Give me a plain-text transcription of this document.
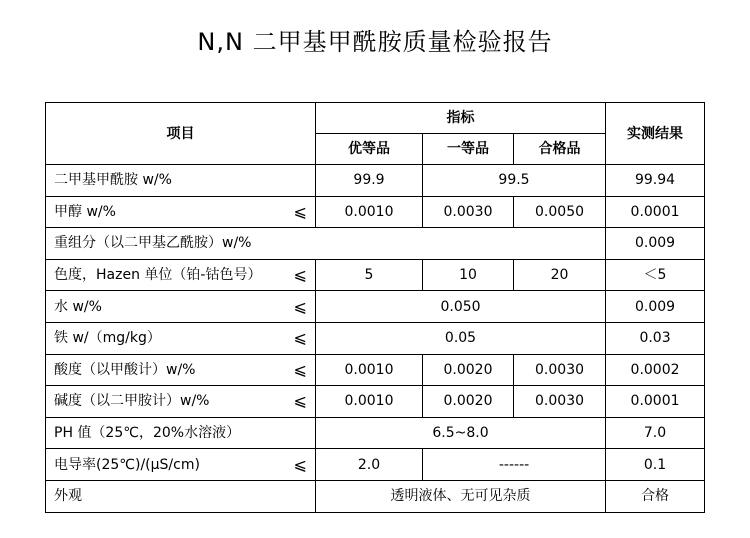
N,N 二甲基甲酰胺质量检验报告
项目	指标			实测结果
	优等品	一等品	合格品	

二甲基甲酰胺 w/%	99.9	99.5		99.94

甲醇 w/% ⩽	0.0010	0.0030	0.0050	0.0001

重组分（以二甲基乙酰胺）w/%				0.009

色度，Hazen 单位（铂-钴色号） ⩽	5	10	20	＜5

水 w/% ⩽	0.050			0.009

铁 w/（mg/kg） ⩽	0.05			0.03

酸度（以甲酸计）w/% ⩽	0.0010	0.0020	0.0030	0.0002

碱度（以二甲胺计）w/% ⩽	0.0010	0.0020	0.0030	0.0001

PH 值（25℃，20%水溶液）	6.5~8.0			7.0

电导率(25℃)/(μS/cm) ⩽	2.0	------		0.1

外观	透明液体、无可见杂质			合格
